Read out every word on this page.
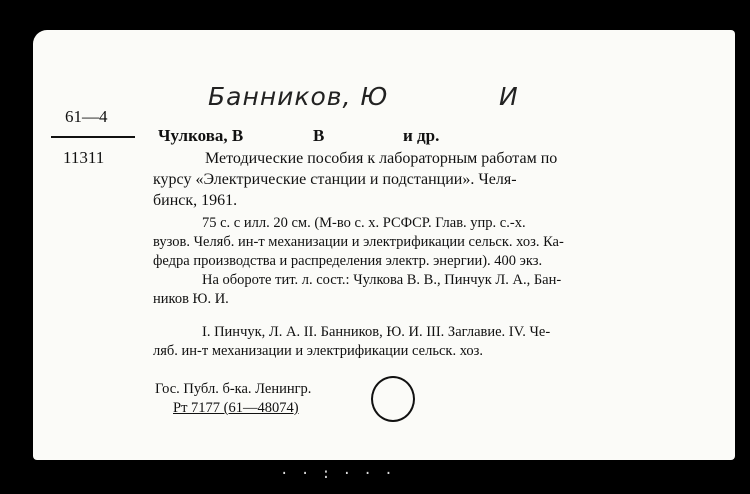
Банников, Ю	И
61—4
11311
Чулкова, В	В	и др.
Методические пособия к лабораторным работам по
курсу «Электрические станции и подстанции». Челя-
бинск, 1961.
75 с. с илл. 20 см. (М-во с. х. РСФСР. Глав. упр. с.-х.
вузов. Челяб. ин-т механизации и электрификации сельск. хоз. Ка-
федра производства и распределения электр. энергии). 400 экз.
На обороте тит. л. сост.: Чулкова В. В., Пинчук Л. А., Бан-
ников Ю. И.
I. Пинчук, Л. А. II. Банников, Ю. И. III. Заглавие. IV. Че-
ляб. ин-т механизации и электрификации сельск. хоз.
Гос. Публ. б-ка. Ленингр.
Рт 7177 (61—48074)
· · : · · ·
